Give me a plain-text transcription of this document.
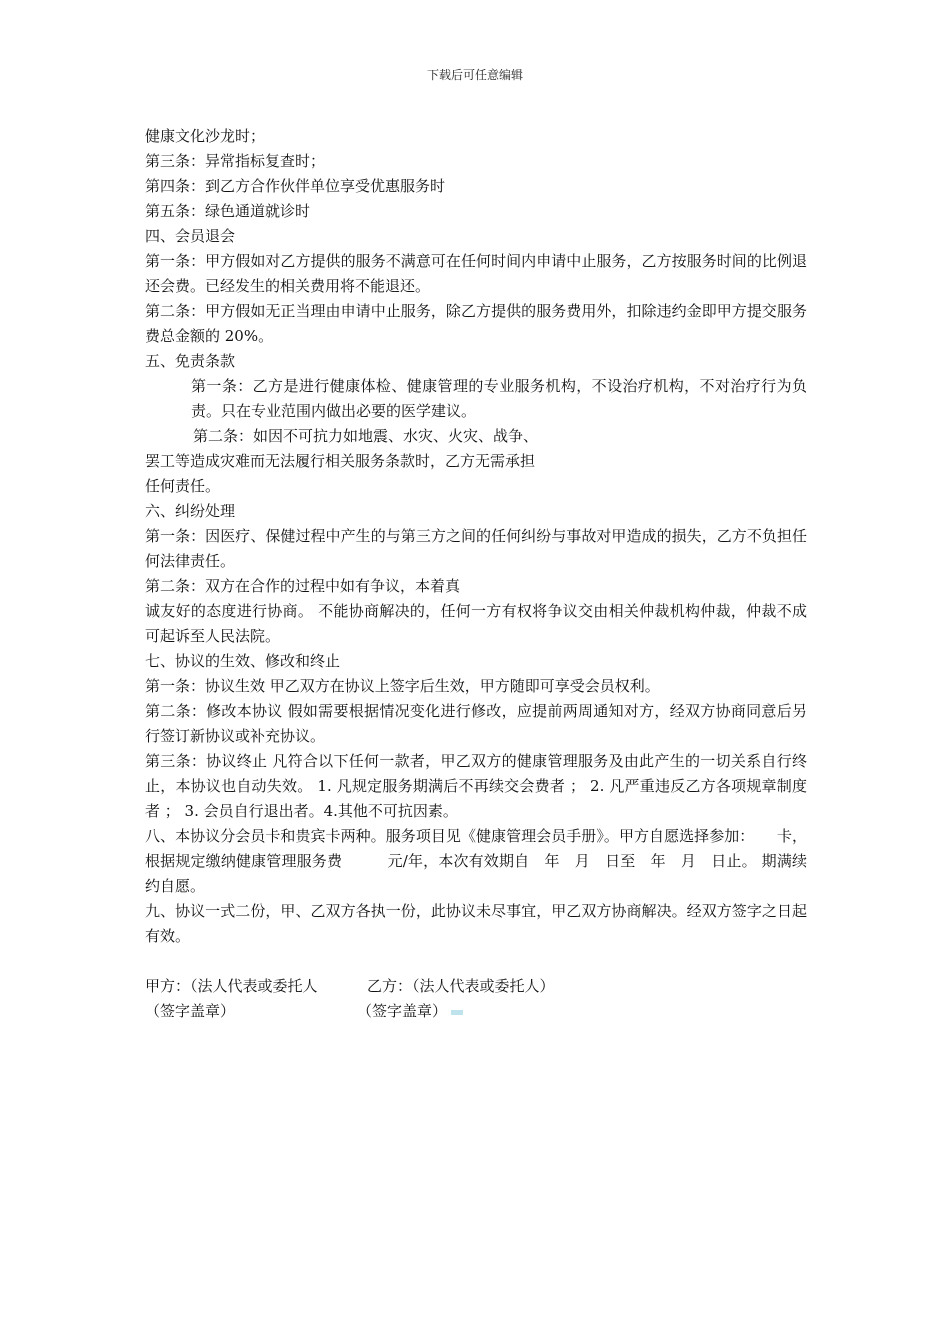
下载后可任意编辑
健康文化沙龙时；
第三条：异常指标复查时；
第四条：到乙方合作伙伴单位享受优惠服务时
第五条：绿色通道就诊时
四、会员退会
第一条：甲方假如对乙方提供的服务不满意可在任何时间内申请中止服务，乙方按服务时间的比例退还会费。已经发生的相关费用将不能退还。
第二条：甲方假如无正当理由申请中止服务，除乙方提供的服务费用外，扣除违约金即甲方提交服务费总金额的 20%。
五、免责条款
第一条：乙方是进行健康体检、健康管理的专业服务机构，不设治疗机构，不对治疗行为负责。只在专业范围内做出必要的医学建议。
第二条：如因不可抗力如地震、水灾、火灾、战争、
罢工等造成灾难而无法履行相关服务条款时，乙方无需承担
任何责任。
六、纠纷处理
第一条：因医疗、保健过程中产生的与第三方之间的任何纠纷与事故对甲造成的损失，乙方不负担任何法律责任。
第二条：双方在合作的过程中如有争议，本着真
诚友好的态度进行协商。 不能协商解决的，任何一方有权将争议交由相关仲裁机构仲裁，仲裁不成可起诉至人民法院。
七、协议的生效、修改和终止
第一条：协议生效 甲乙双方在协议上签字后生效，甲方随即可享受会员权利。
第二条：修改本协议 假如需要根据情况变化进行修改，应提前两周通知对方，经双方协商同意后另行签订新协议或补充协议。
第三条：协议终止 凡符合以下任何一款者，甲乙双方的健康管理服务及由此产生的一切关系自行终止，本协议也自动失效。 1. 凡规定服务期满后不再续交会费者 ； 2. 凡严重违反乙方各项规章制度者 ； 3. 会员自行退出者。4.其他不可抗因素。
八、本协议分会员卡和贵宾卡两种。服务项目见《健康管理会员手册》。甲方自愿选择参加：　　卡， 根据规定缴纳健康管理服务费　　　元/年，本次有效期自　年　月　日至　年　月　日止。 期满续约自愿。
九、协议一式二份，甲、乙双方各执一份，此协议未尽事宜，甲乙双方协商解决。经双方签字之日起有效。
甲方：（法人代表或委托人	乙方：（法人代表或委托人）
（签字盖章）	（签字盖章）
